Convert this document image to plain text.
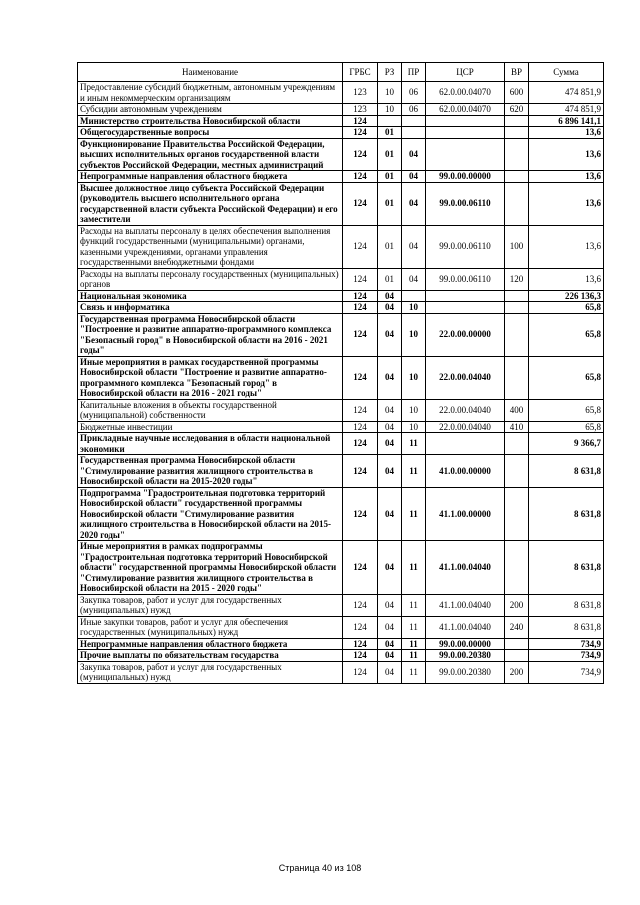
Наименование	ГРБС	РЗ	ПР	ЦСР	ВР	Сумма
Предоставление субсидий бюджетным, автономным учреждениям и иным некоммерческим организациям	123	10	06	62.0.00.04070	600	474 851,9
Субсидии автономным учреждениям	123	10	06	62.0.00.04070	620	474 851,9
Министерство строительства Новосибирской области	124					6 896 141,1
Общегосударственные вопросы	124	01				13,6
Функционирование Правительства Российской Федерации, высших исполнительных органов государственной власти субъектов Российской Федерации, местных администраций	124	01	04			13,6
Непрограммные направления областного бюджета	124	01	04	99.0.00.00000		13,6
Высшее должностное лицо субъекта Российской Федерации (руководитель высшего исполнительного органа государственной власти субъекта Российской Федерации) и его заместители	124	01	04	99.0.00.06110		13,6
Расходы на выплаты персоналу в целях обеспечения выполнения функций государственными (муниципальными) органами, казенными учреждениями, органами управления государственными внебюджетными фондами	124	01	04	99.0.00.06110	100	13,6
Расходы на выплаты персоналу государственных (муниципальных) органов	124	01	04	99.0.00.06110	120	13,6
Национальная экономика	124	04				226 136,3
Связь и информатика	124	04	10			65,8
Государственная программа Новосибирской области "Построение и развитие аппаратно-программного комплекса "Безопасный город" в Новосибирской области на 2016 - 2021 годы"	124	04	10	22.0.00.00000		65,8
Иные мероприятия в рамках государственной программы Новосибирской области "Построение и развитие аппаратно-программного комплекса "Безопасный город" в Новосибирской области на 2016 - 2021 годы"	124	04	10	22.0.00.04040		65,8
Капитальные вложения в объекты государственной (муниципальной) собственности	124	04	10	22.0.00.04040	400	65,8
Бюджетные инвестиции	124	04	10	22.0.00.04040	410	65,8
Прикладные научные исследования в области национальной экономики	124	04	11			9 366,7
Государственная программа Новосибирской области "Стимулирование развития жилищного строительства в Новосибирской области на 2015-2020 годы"	124	04	11	41.0.00.00000		8 631,8
Подпрограмма "Градостроительная подготовка территорий Новосибирской области" государственной программы Новосибирской области "Стимулирование развития жилищного строительства в Новосибирской области на 2015-2020 годы"	124	04	11	41.1.00.00000		8 631,8
Иные мероприятия в рамках подпрограммы "Градостроительная подготовка территорий Новосибирской области" государственной программы Новосибирской области "Стимулирование развития жилищного строительства в Новосибирской области на 2015 - 2020 годы"	124	04	11	41.1.00.04040		8 631,8
Закупка товаров, работ и услуг для государственных (муниципальных) нужд	124	04	11	41.1.00.04040	200	8 631,8
Иные закупки товаров, работ и услуг для обеспечения государственных (муниципальных) нужд	124	04	11	41.1.00.04040	240	8 631,8
Непрограммные направления областного бюджета	124	04	11	99.0.00.00000		734,9
Прочие выплаты по обязательствам государства	124	04	11	99.0.00.20380		734,9
Закупка товаров, работ и услуг для государственных (муниципальных) нужд	124	04	11	99.0.00.20380	200	734,9
Страница 40 из 108
